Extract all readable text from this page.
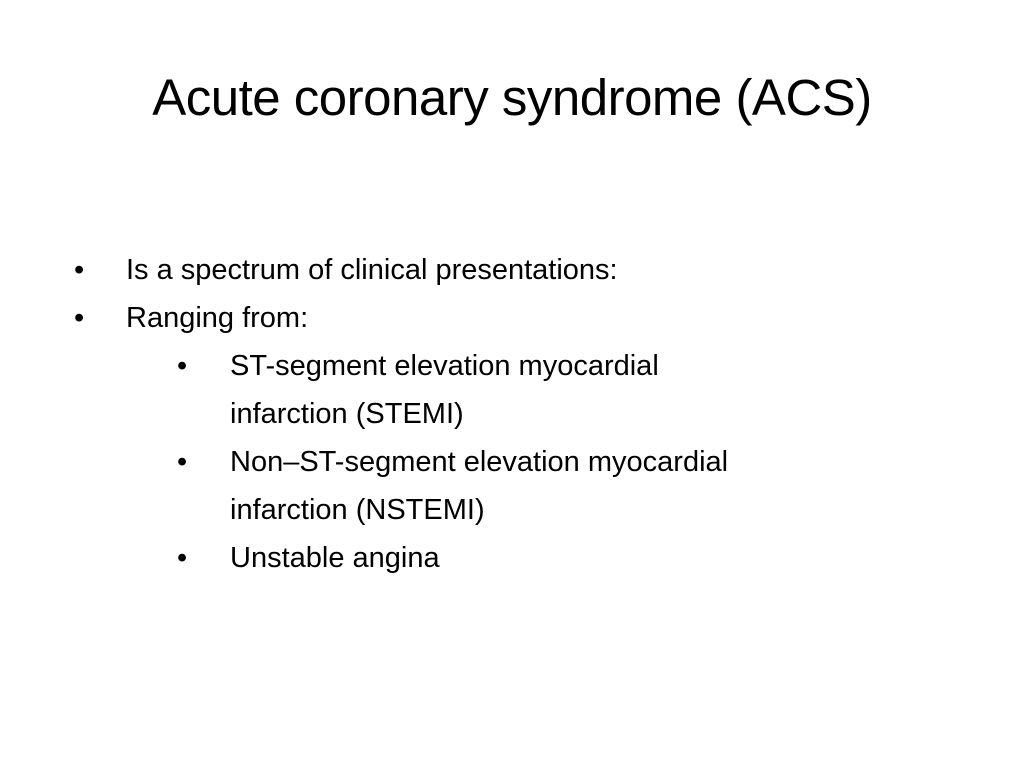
Acute coronary syndrome (ACS)
•	Is a spectrum of clinical presentations:
•	Ranging from:
•	ST-segment elevation myocardial
infarction (STEMI)
•	Non–ST-segment elevation myocardial
infarction (NSTEMI)
•	Unstable angina
